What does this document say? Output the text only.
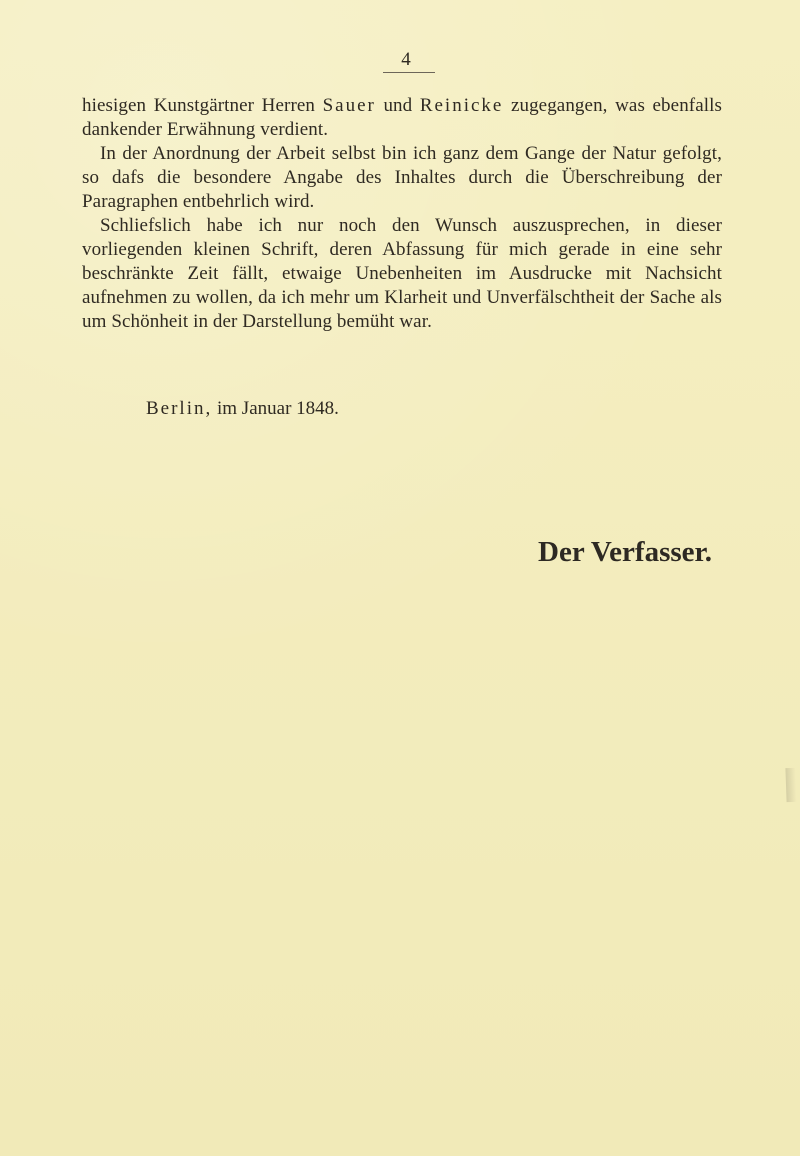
4

hiesigen Kunstgärtner Herren Sauer und Reinicke zugegangen, was ebenfalls dankender Erwähnung verdient.

In der Anordnung der Arbeit selbst bin ich ganz dem Gange der Natur gefolgt, so dafs die besondere Angabe des Inhaltes durch die Überschreibung der Paragraphen entbehrlich wird.

Schliefslich habe ich nur noch den Wunsch auszusprechen, in dieser vorliegenden kleinen Schrift, deren Abfassung für mich gerade in eine sehr beschränkte Zeit fällt, etwaige Unebenheiten im Ausdrucke mit Nachsicht aufnehmen zu wollen, da ich mehr um Klarheit und Unverfälschtheit der Sache als um Schönheit in der Darstellung bemüht war.

Berlin, im Januar 1848.
Der Verfasser.
